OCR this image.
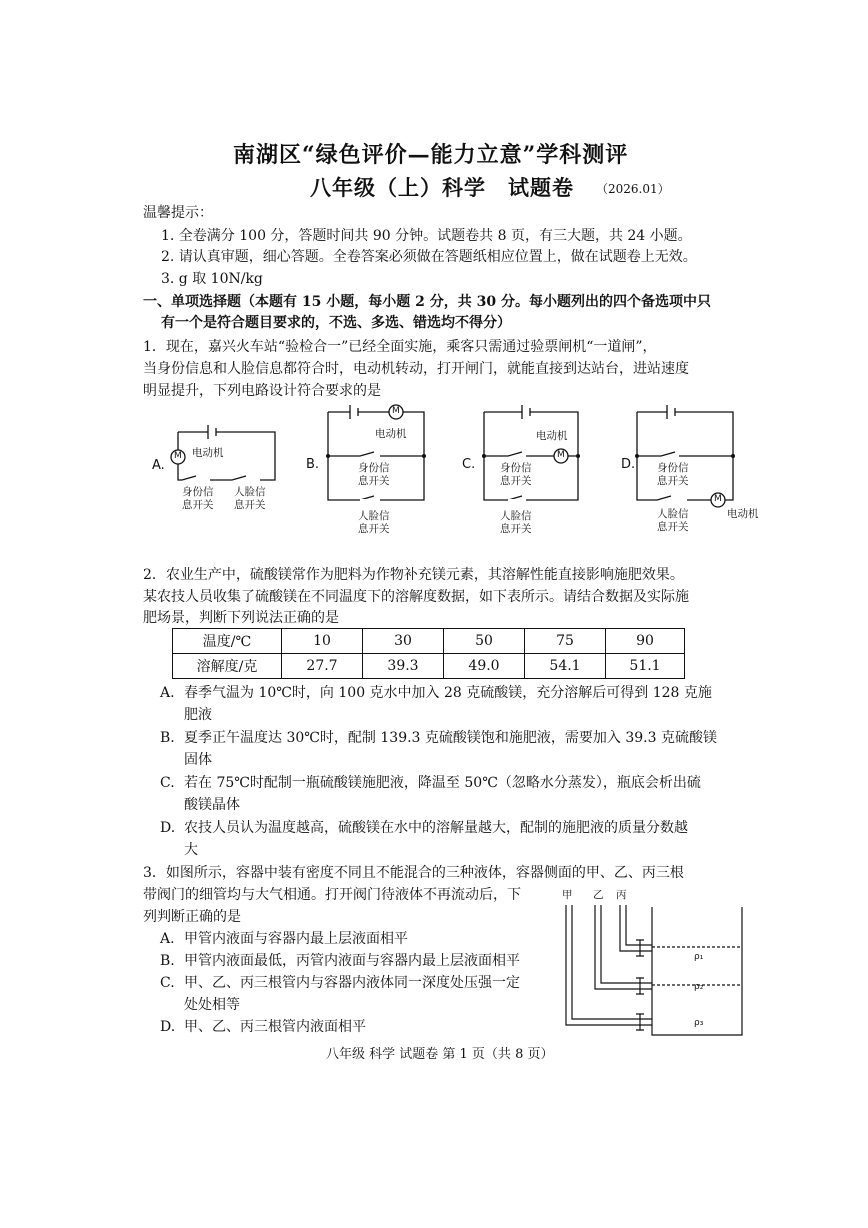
南湖区“绿色评价—能力立意”学科测评
八年级（上）科学　试题卷 （2026.01）
温馨提示：
1. 全卷满分 100 分，答题时间共 90 分钟。试题卷共 8 页，有三大题，共 24 小题。
2. 请认真审题，细心答题。全卷答案必须做在答题纸相应位置上，做在试题卷上无效。
3. g 取 10N/kg
一、单项选择题（本题有 15 小题，每小题 2 分，共 30 分。每小题列出的四个备选项中只
有一个是符合题目要求的，不选、多选、错选均不得分）
1．现在，嘉兴火车站“验检合一”已经全面实施，乘客只需通过验票闸机“一道闸”，
当身份信息和人脸信息都符合时，电动机转动，打开闸门，就能直接到达站台，进站速度
明显提升，下列电路设计符合要求的是
A.
M 电动机
身份信
息开关
人脸信
息开关
B.
M
电动机
身份信
息开关
人脸信
息开关
C.
M
电动机
身份信
息开关
人脸信
息开关
D.
M
电动机
身份信
息开关
人脸信
息开关
2．农业生产中，硫酸镁常作为肥料为作物补充镁元素，其溶解性能直接影响施肥效果。
某农技人员收集了硫酸镁在不同温度下的溶解度数据，如下表所示。请结合数据及实际施
肥场景，判断下列说法正确的是
温度/℃	10	30	50	75	90
溶解度/克	27.7	39.3	49.0	54.1	51.1
A. 春季气温为 10℃时，向 100 克水中加入 28 克硫酸镁，充分溶解后可得到 128 克施
肥液
B. 夏季正午温度达 30℃时，配制 139.3 克硫酸镁饱和施肥液，需要加入 39.3 克硫酸镁
固体
C. 若在 75℃时配制一瓶硫酸镁施肥液，降温至 50℃（忽略水分蒸发），瓶底会析出硫
酸镁晶体
D. 农技人员认为温度越高，硫酸镁在水中的溶解量越大，配制的施肥液的质量分数越
大
3．如图所示，容器中装有密度不同且不能混合的三种液体，容器侧面的甲、乙、丙三根
带阀门的细管均与大气相通。打开阀门待液体不再流动后，下
列判断正确的是
A. 甲管内液面与容器内最上层液面相平
B. 甲管内液面最低，丙管内液面与容器内最上层液面相平
C. 甲、乙、丙三根管内与容器内液体同一深度处压强一定
处处相等
D. 甲、乙、丙三根管内液面相平
甲 乙 丙
ρ₁
ρ₂
ρ₃
八年级 科学 试题卷 第 1 页（共 8 页）
